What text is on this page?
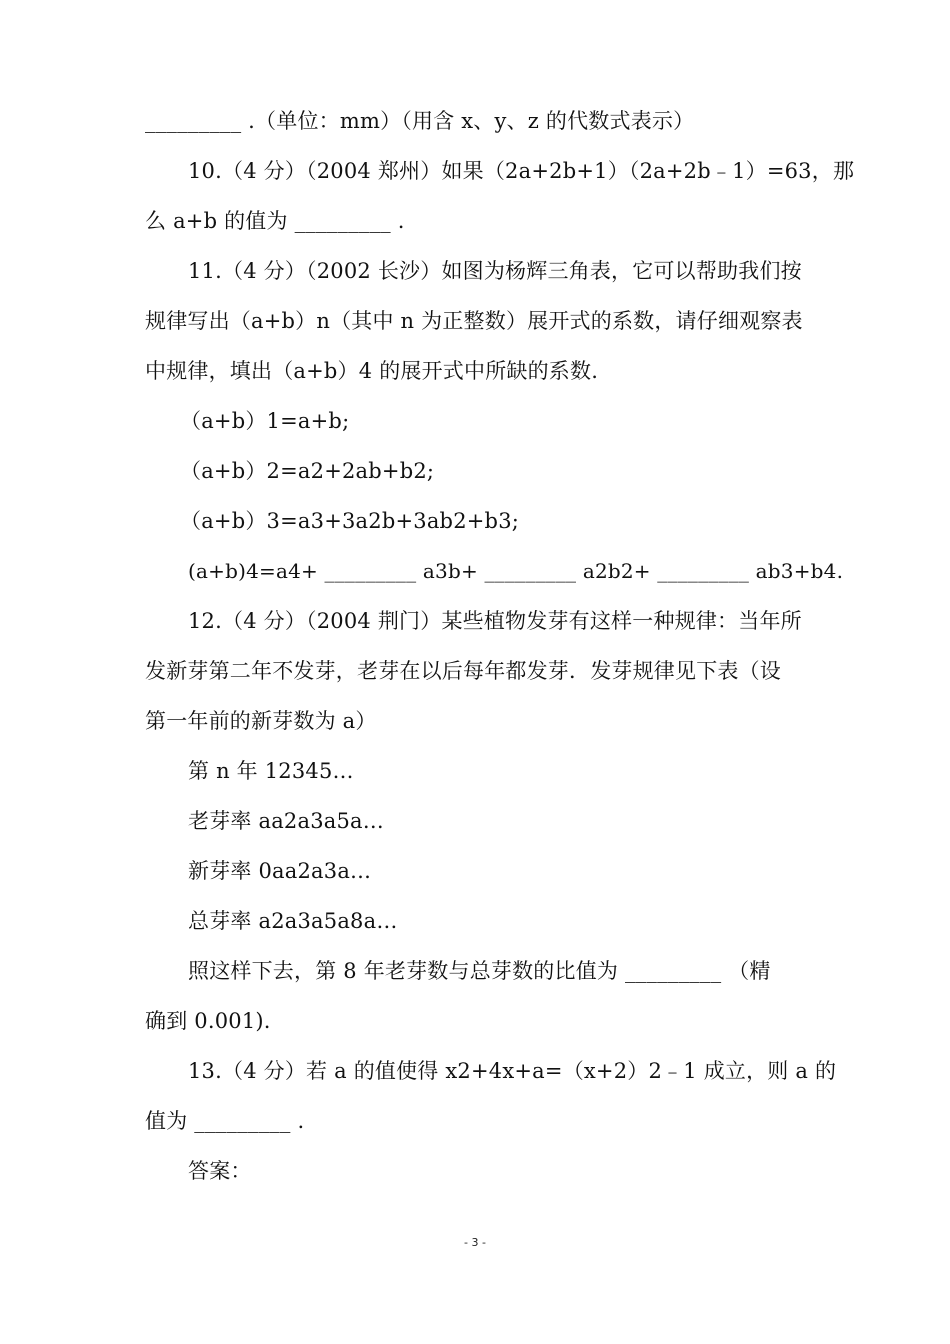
_________ .（单位：mm）（用含 x、y、z 的代数式表示）
10.（4 分）（2004 郑州）如果（2a+2b+1）（2a+2b﹣1）=63，那
么 a+b 的值为 _________ .
11.（4 分）（2002 长沙）如图为杨辉三角表，它可以帮助我们按
规律写出（a+b）n（其中 n 为正整数）展开式的系数，请仔细观察表
中规律，填出（a+b）4 的展开式中所缺的系数.
（a+b）1=a+b;
（a+b）2=a2+2ab+b2;
（a+b）3=a3+3a2b+3ab2+b3;
(a+b)4=a4+ _________ a3b+ _________ a2b2+ _________ ab3+b4.
12.（4 分）（2004 荆门）某些植物发芽有这样一种规律：当年所
发新芽第二年不发芽，老芽在以后每年都发芽．发芽规律见下表（设
第一年前的新芽数为 a）
第 n 年 12345…
老芽率 aa2a3a5a…
新芽率 0aa2a3a…
总芽率 a2a3a5a8a…
照这样下去，第 8 年老芽数与总芽数的比值为 _________ （精
确到 0.001).
13.（4 分）若 a 的值使得 x2+4x+a=（x+2）2﹣1 成立，则 a 的
值为 _________ .
答案：
- 3 -
